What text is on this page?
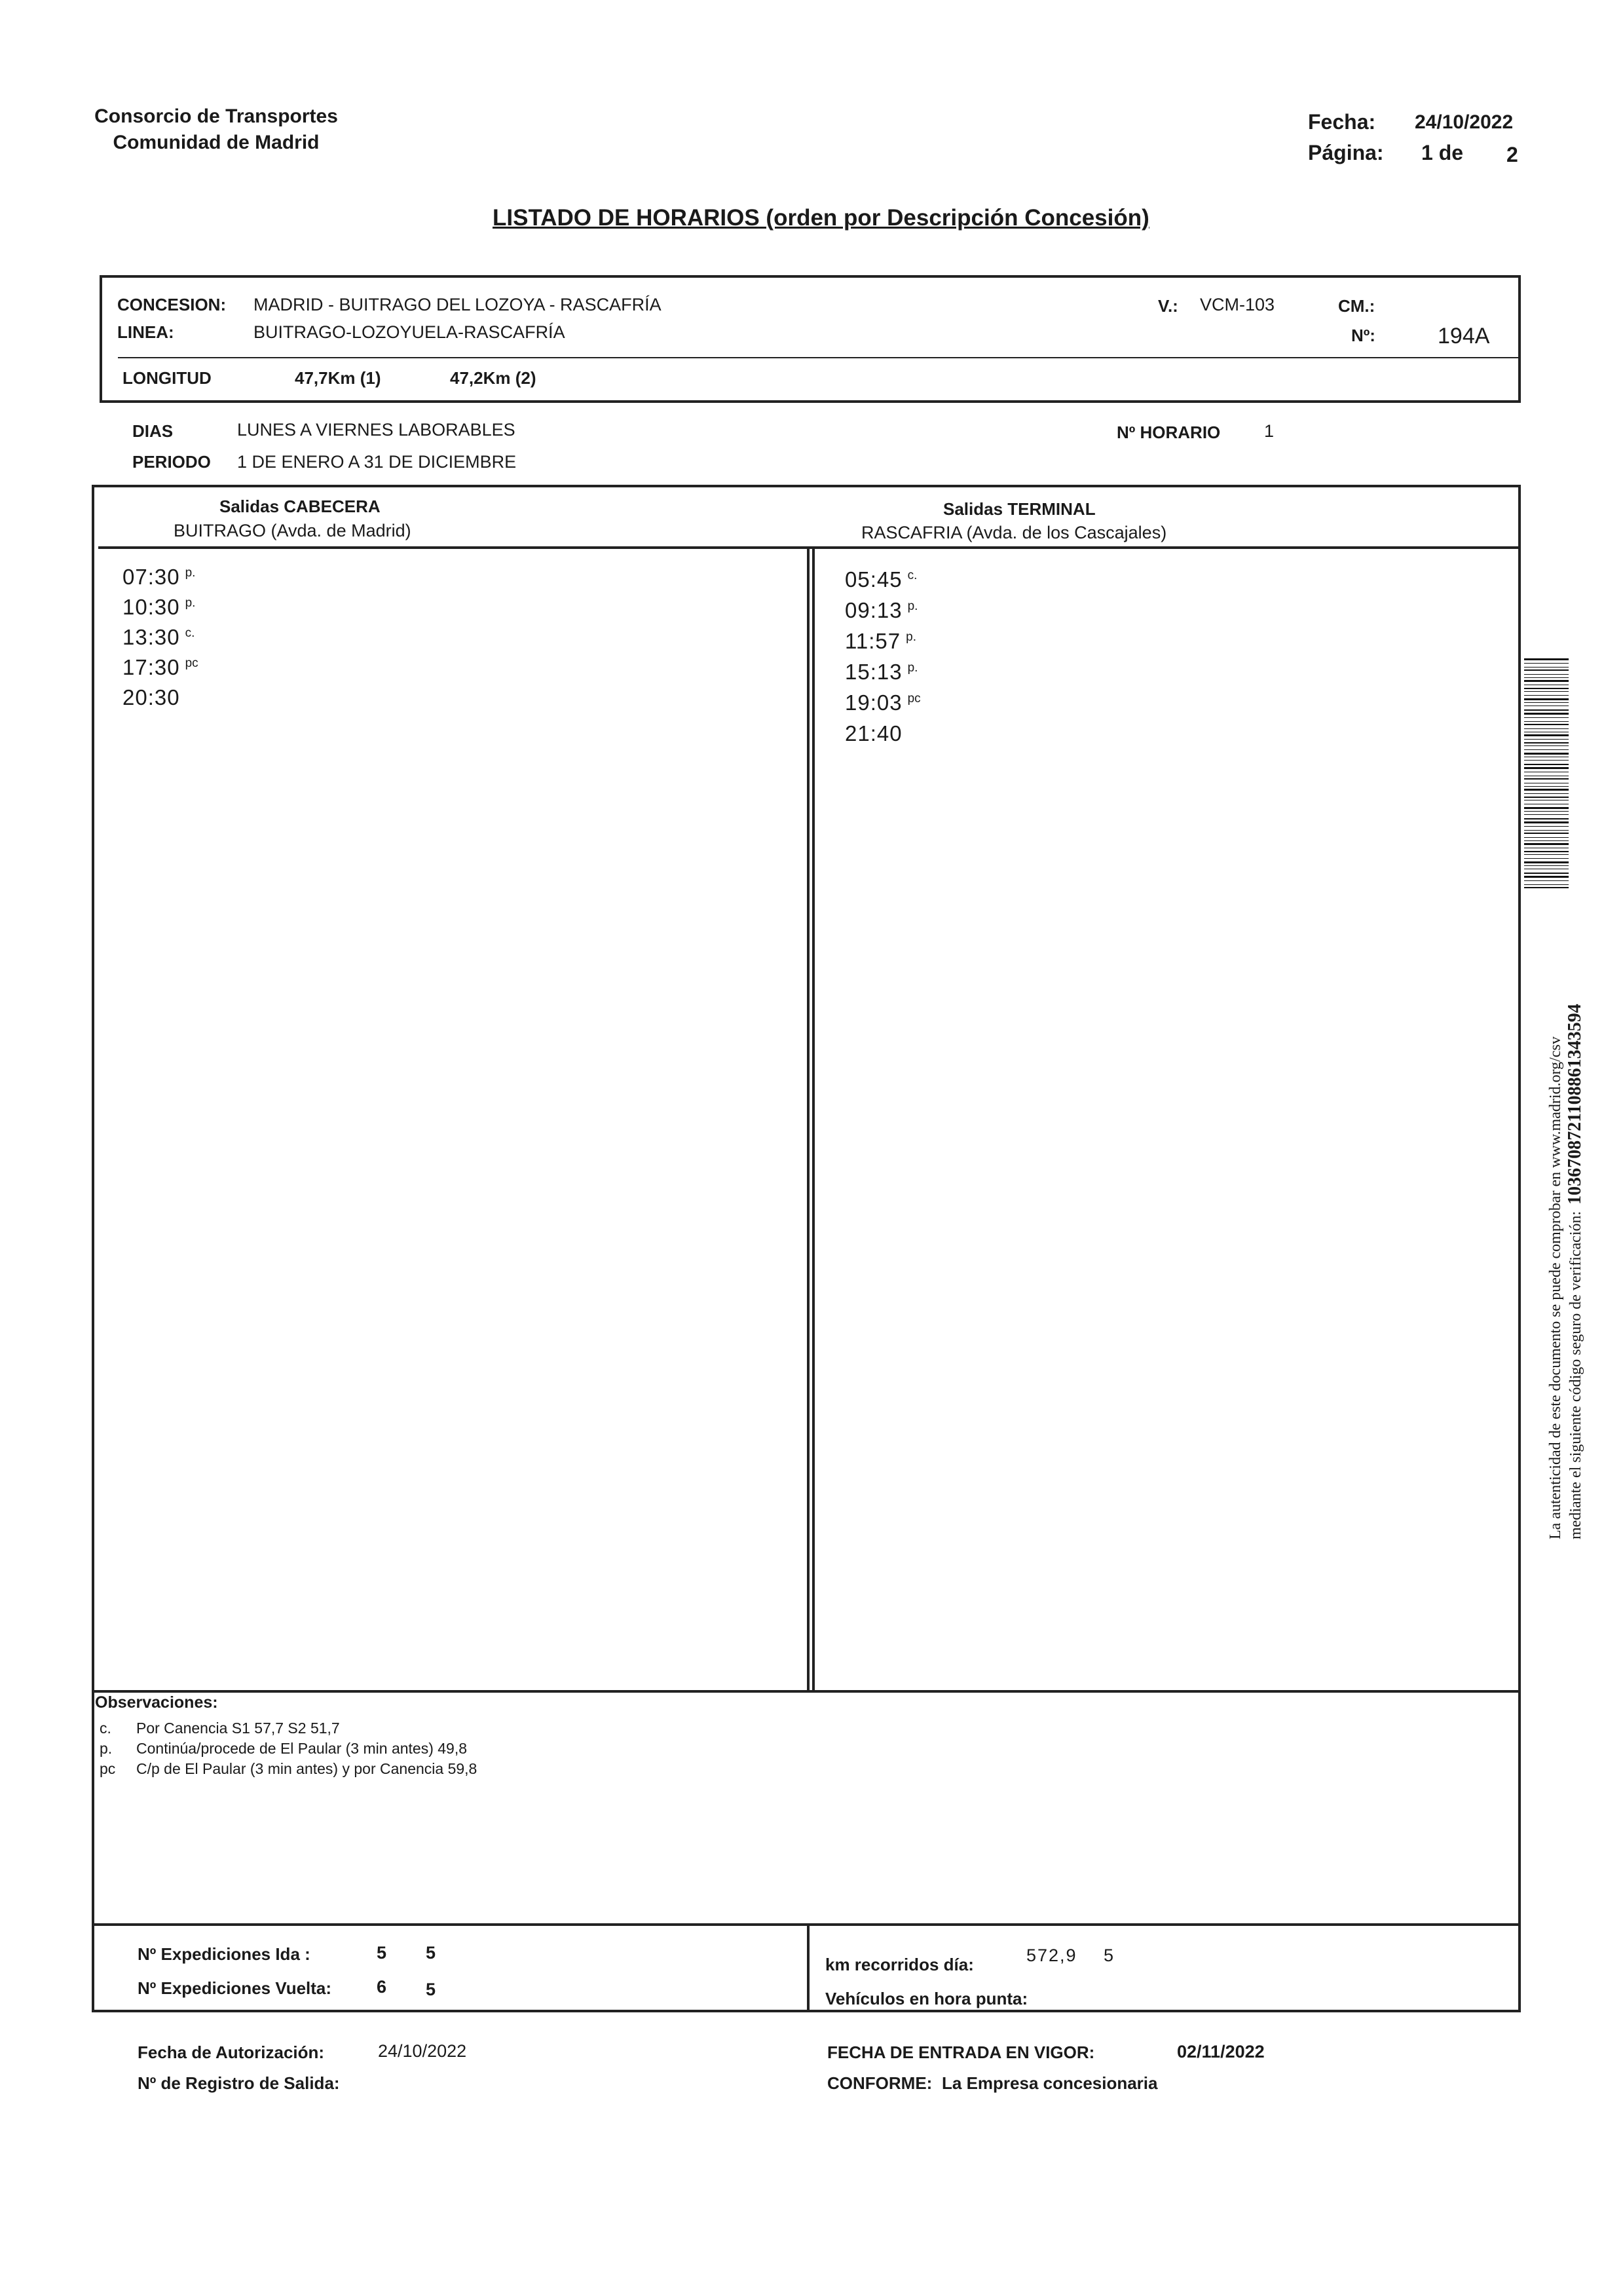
Consorcio de Transportes
Comunidad de Madrid
Fecha: 24/10/2022
Página: 1 de 2
LISTADO DE HORARIOS (orden por Descripción Concesión)
CONCESION: MADRID - BUITRAGO DEL LOZOYA - RASCAFRÍA
LINEA:	BUITRAGO-LOZOYUELA-RASCAFRÍA
V.: VCM-103	CM.:
Nº:	194A
LONGITUD	47,7Km (1)	47,2Km (2)
DIAS	LUNES A VIERNES LABORABLES
PERIODO 1 DE ENERO A 31 DE DICIEMBRE
Nº HORARIO 1
Salidas CABECERA
BUITRAGO (Avda. de Madrid)
Salidas TERMINAL
RASCAFRIA (Avda. de los Cascajales)
07:30 $^{p.}$
10:30 $^{p.}$
13:30 $^{c.}$
17:30 $^{pc}$
20:30
05:45 $^{c.}$
09:13 $^{p.}$
11:57 $^{p.}$
15:13 $^{p.}$
19:03 $^{pc}$
21:40
Observaciones:
c. Por Canencia S1 57,7 S2 51,7
p. Continúa/procede de El Paular (3 min antes) 49,8
pc C/p de El Paular (3 min antes) y por Canencia 59,8
Nº Expediciones Ida :	5 5
Nº Expediciones Vuelta:	6 5
km recorridos día:	572,9 5
Vehículos en hora punta:
Fecha de Autorización:	24/10/2022
Nº de Registro de Salida:
FECHA DE ENTRADA EN VIGOR:	02/11/2022
CONFORME: La Empresa concesionaria
La autenticidad de este documento se puede comprobar en www.madrid.org/csv mediante el siguiente código seguro de verificación:1036708721108861343594
